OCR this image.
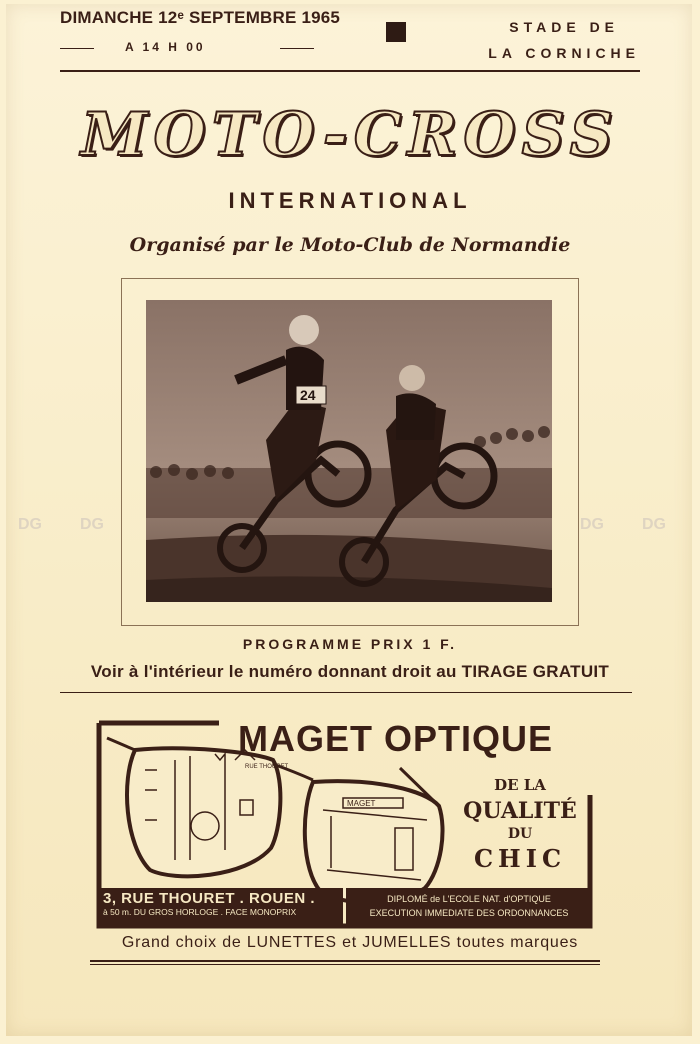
DIMANCHE 12ᵉ SEPTEMBRE 1965
A 14 H 00
STADE DE
LA CORNICHE
MOTO-CROSS
INTERNATIONAL
Organisé par le Moto-Club de Normandie
24
DG DG	DG DG
PROGRAMME PRIX 1 F.
Voir à l'intérieur le numéro donnant droit au TIRAGE GRATUIT
RUE THOURET
MAGET
MAGET OPTIQUE
DE LA
QUALITÉ
DU
CHIC
3, RUE THOURET . ROUEN .
à 50 m. DU GROS HORLOGE . FACE MONOPRIX
DIPLOMÉ de L'ECOLE NAT. d'OPTIQUE
EXECUTION IMMEDIATE DES ORDONNANCES
Grand choix de LUNETTES et JUMELLES toutes marques
